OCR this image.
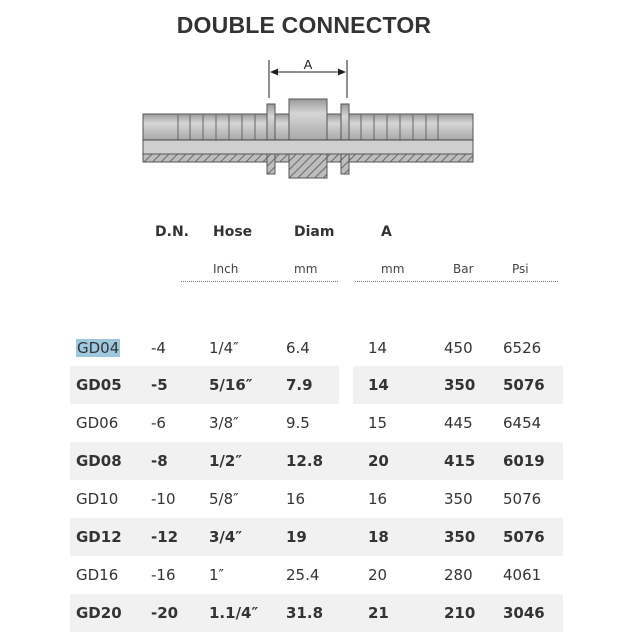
DOUBLE CONNECTOR
A
D.N. Hose	Diam	A
Inch	mm	mm	Bar	Psi
GD04 -4	1/4″	6.4	14	450 6526
GD05 -5	5/16″ 7.9	14	350 5076
GD06 -6	3/8″	9.5	15	445 6454
GD08 -8	1/2″	12.8	20	415 6019
GD10 -10 5/8″	16	16	350 5076
GD12 -12 3/4″	19	18	350 5076
GD16 -16 1″	25.4	20	280 4061
GD20 -20 1.1/4″ 31.8	21	210 3046
